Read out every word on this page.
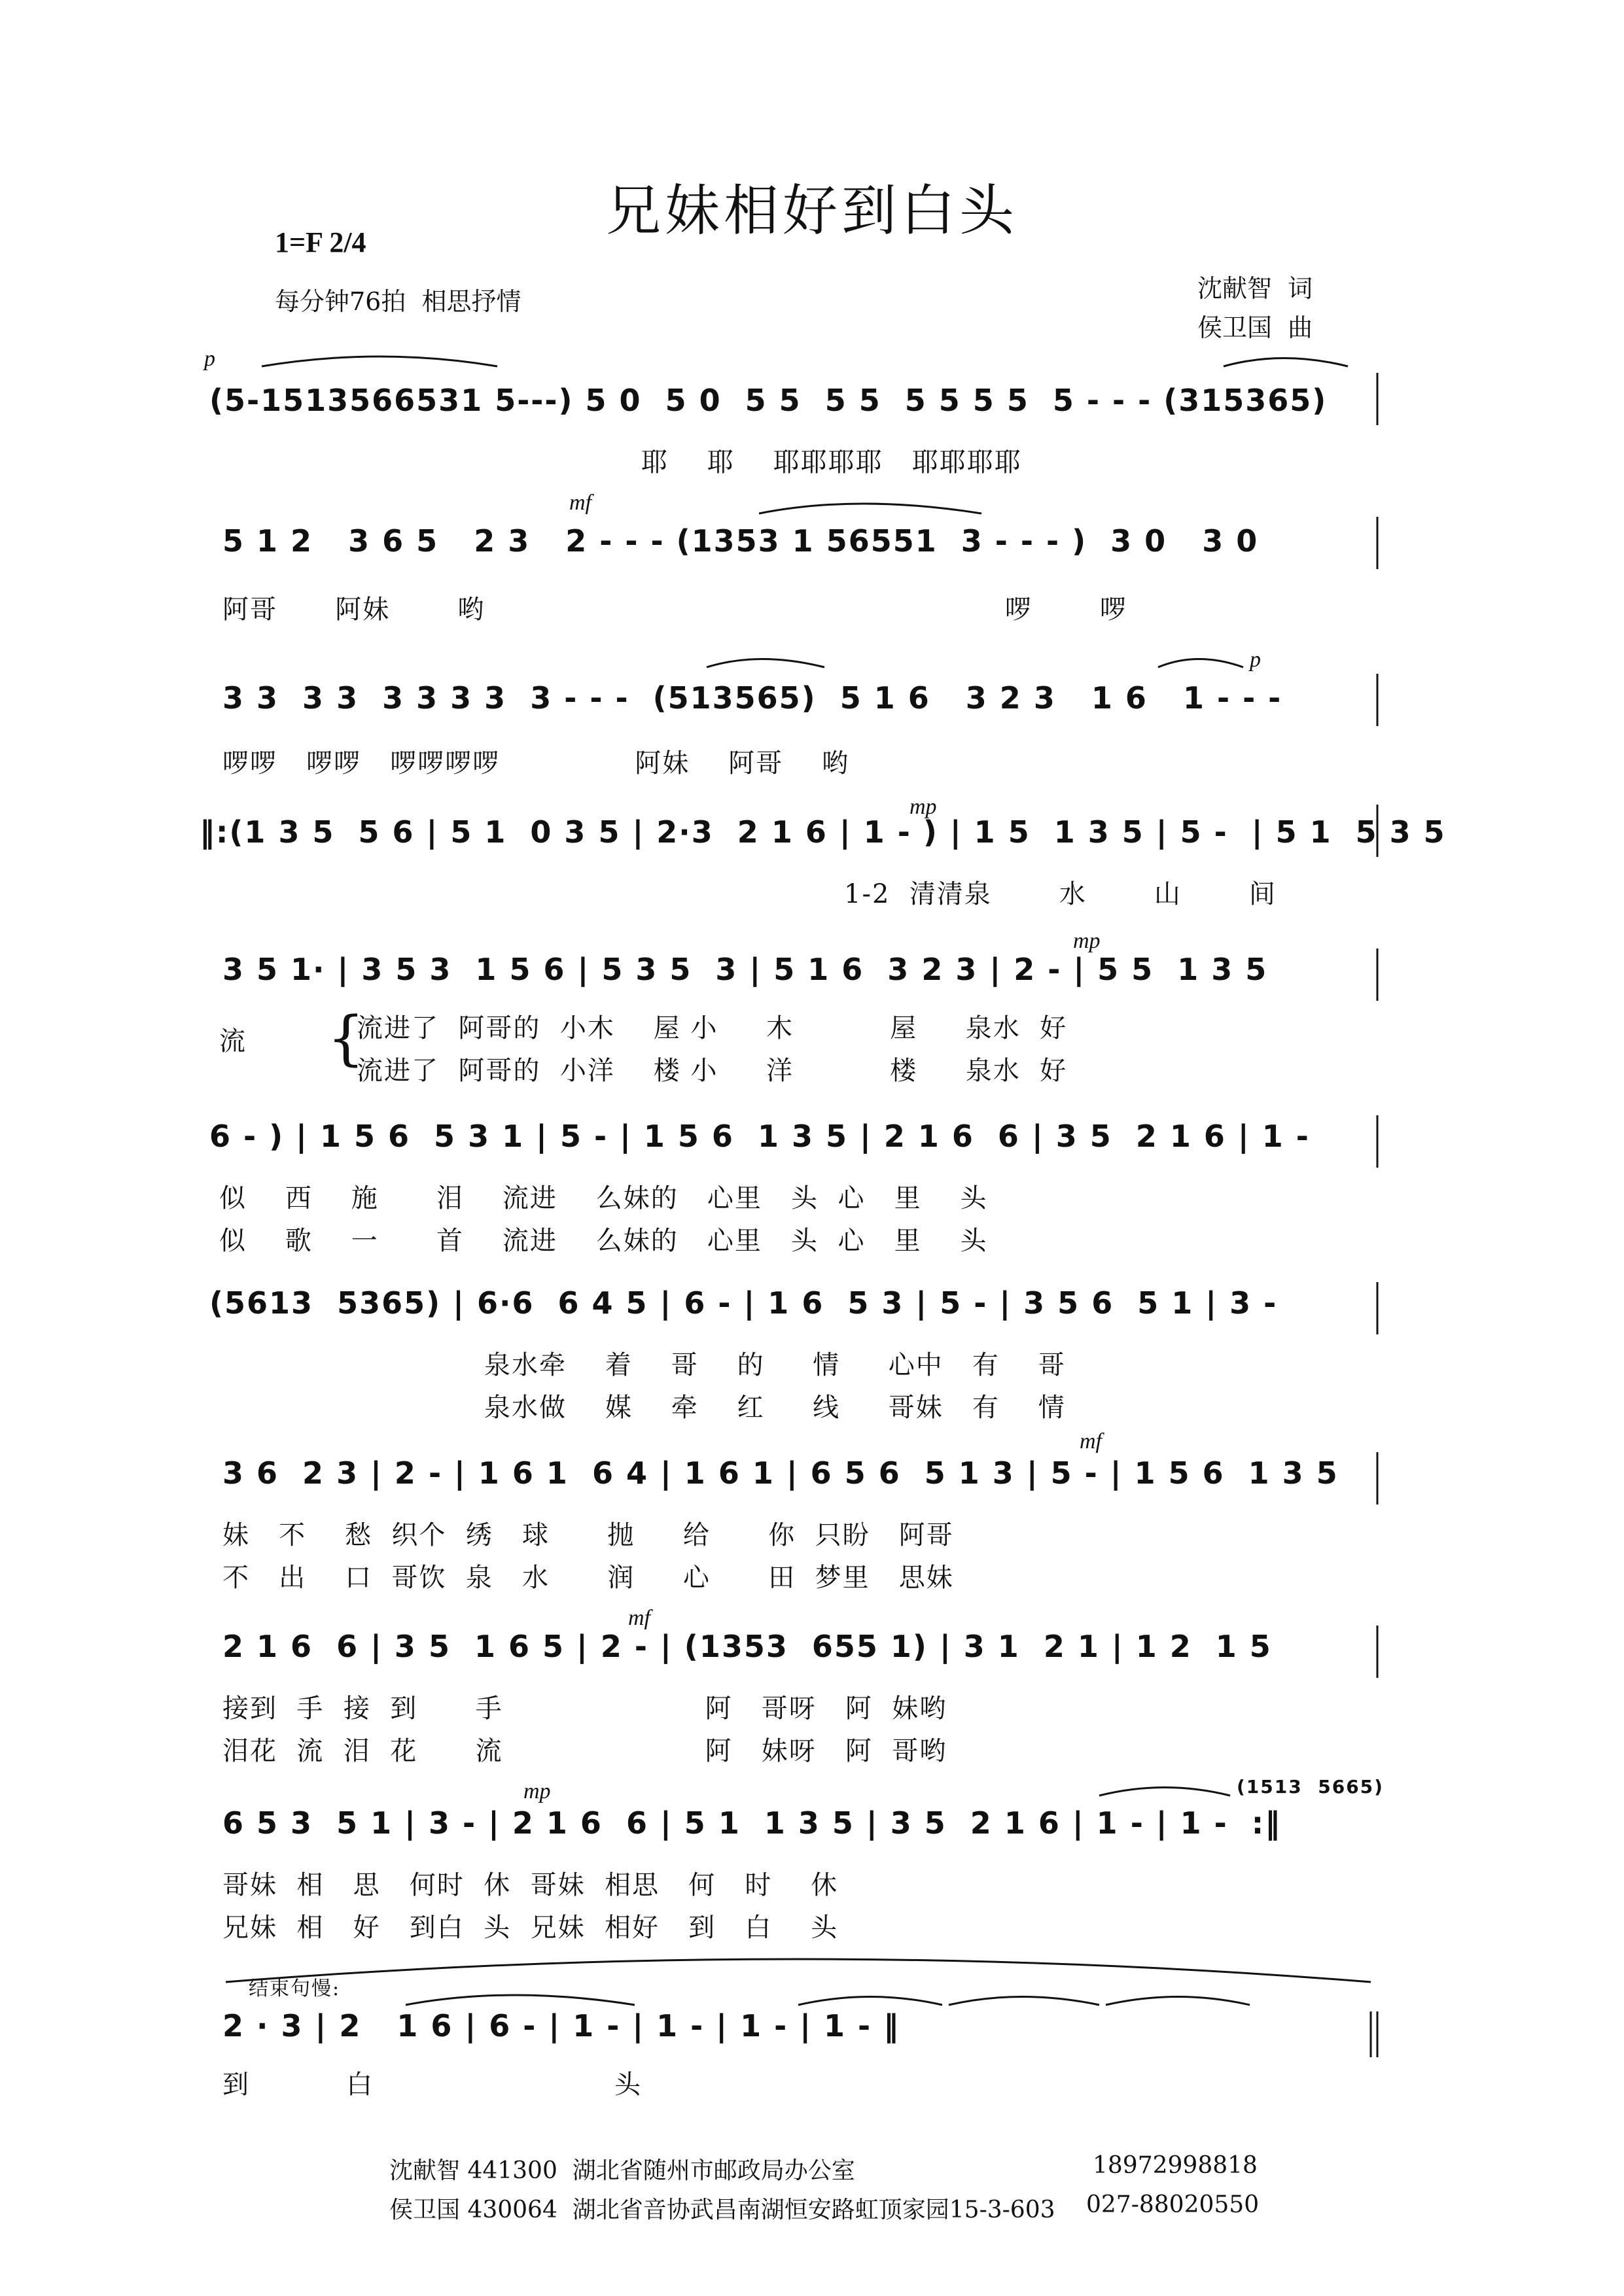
兄妹相好到白头
1=F 2/4
每分钟76拍  相思抒情	沈献智  词
侯卫国  曲
p
(5-1513566531 5---) 5 0  5 0  5 5  5 5  5 5 5 5  5 - - - (315365)
耶    耶    耶耶耶耶   耶耶耶耶
mf
5 1 2   3 6 5   2 3   2 - - - (1353 1 56551  3 - - - )  3 0   3 0
阿哥      阿妹       哟                                                      啰       啰
p
3 3  3 3  3 3 3 3  3 - - -  (513565)  5 1 6   3 2 3   1 6   1 - - -
啰啰   啰啰   啰啰啰啰              阿妹    阿哥    哟
mp
‖:(1 3 5  5 6 | 5 1  0 3 5 | 2·3  2 1 6 | 1 - ) | 1 5  1 3 5 | 5 -  | 5 1  5 3 5
1-2  清清泉       水       山       间
mp
3 5 1· | 3 5 3  1 5 6 | 5 3 5  3 | 5 1 6  3 2 3 | 2 - | 5 5  1 3 5
流 {
流进了  阿哥的  小木    屋 小     木          屋     泉水  好
流进了  阿哥的  小洋    楼 小     洋          楼     泉水  好
6 - ) | 1 5 6  5 3 1 | 5 - | 1 5 6  1 3 5 | 2 1 6  6 | 3 5  2 1 6 | 1 -
似    西    施      泪    流进    么妹的   心里   头  心   里    头
似    歌    一      首    流进    么妹的   心里   头  心   里    头
(5613  5365) | 6·6  6 4 5 | 6 - | 1 6  5 3 | 5 - | 3 5 6  5 1 | 3 -
泉水牵    着    哥    的     情     心中   有    哥
泉水做    媒    牵    红     线     哥妹   有    情
mf
3 6  2 3 | 2 - | 1 6 1  6 4 | 1 6 1 | 6 5 6  5 1 3 | 5 - | 1 5 6  1 3 5
妹   不    愁  织个  绣   球      抛     给      你  只盼   阿哥
不   出    口  哥饮  泉   水      润     心      田  梦里   思妹
mf
2 1 6  6 | 3 5  1 6 5 | 2 - | (1353  655 1) | 3 1  2 1 | 1 2  1 5
接到  手  接  到      手                     阿   哥呀   阿  妹哟
泪花  流  泪  花      流                     阿   妹呀   阿  哥哟
mp	(1513  5665)
6 5 3  5 1 | 3 - | 2 1 6  6 | 5 1  1 3 5 | 3 5  2 1 6 | 1 - | 1 -  :‖
哥妹  相   思   何时  休  哥妹  相思   何   时    休
兄妹  相   好   到白  头  兄妹  相好   到   白    头
结束句慢:
2 · 3 | 2   1 6 | 6 - | 1 - | 1 - | 1 - | 1 - ‖
到          白                         头
沈献智 441300  湖北省随州市邮政局办公室	18972998818
侯卫国 430064  湖北省音协武昌南湖恒安路虹顶家园15-3-603 027-88020550
